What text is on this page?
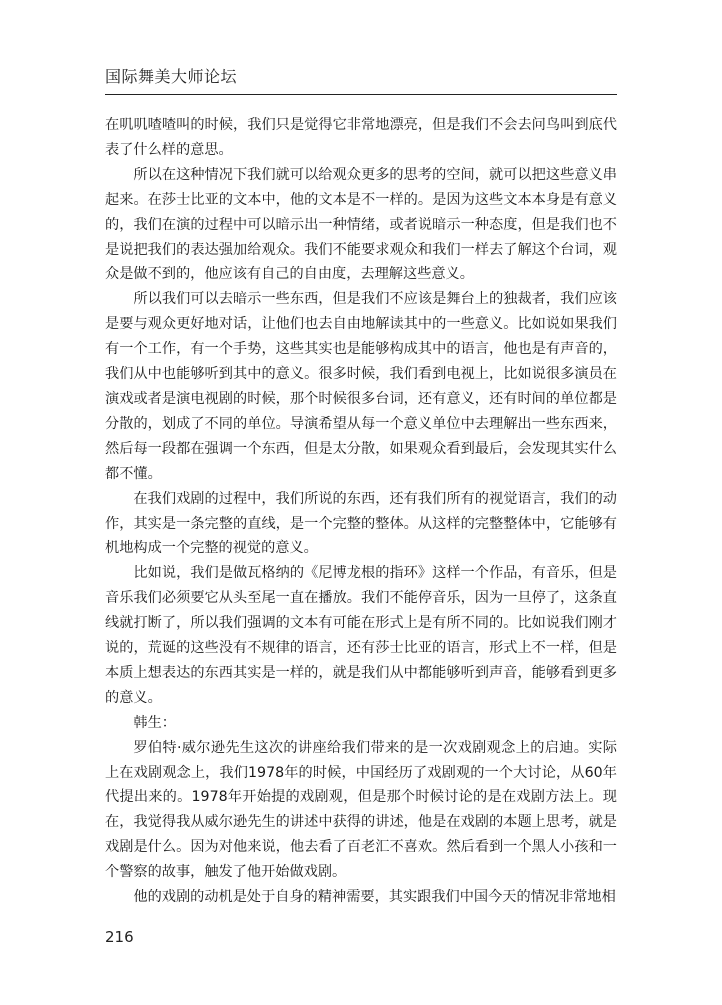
国际舞美大师论坛

在叽叽喳喳叫的时候，我们只是觉得它非常地漂亮，但是我们不会去问鸟叫到底代表了什么样的意思。

所以在这种情况下我们就可以给观众更多的思考的空间，就可以把这些意义串起来。在莎士比亚的文本中，他的文本是不一样的。是因为这些文本本身是有意义的，我们在演的过程中可以暗示出一种情绪，或者说暗示一种态度，但是我们也不是说把我们的表达强加给观众。我们不能要求观众和我们一样去了解这个台词，观众是做不到的，他应该有自己的自由度，去理解这些意义。

所以我们可以去暗示一些东西，但是我们不应该是舞台上的独裁者，我们应该是要与观众更好地对话，让他们也去自由地解读其中的一些意义。比如说如果我们有一个工作，有一个手势，这些其实也是能够构成其中的语言，他也是有声音的，我们从中也能够听到其中的意义。很多时候，我们看到电视上，比如说很多演员在演戏或者是演电视剧的时候，那个时候很多台词，还有意义，还有时间的单位都是分散的，划成了不同的单位。导演希望从每一个意义单位中去理解出一些东西来，然后每一段都在强调一个东西，但是太分散，如果观众看到最后，会发现其实什么都不懂。

在我们戏剧的过程中，我们所说的东西，还有我们所有的视觉语言，我们的动作，其实是一条完整的直线，是一个完整的整体。从这样的完整整体中，它能够有机地构成一个完整的视觉的意义。

比如说，我们是做瓦格纳的《尼博龙根的指环》这样一个作品，有音乐，但是音乐我们必须要它从头至尾一直在播放。我们不能停音乐，因为一旦停了，这条直线就打断了，所以我们强调的文本有可能在形式上是有所不同的。比如说我们刚才说的，荒诞的这些没有不规律的语言，还有莎士比亚的语言，形式上不一样，但是本质上想表达的东西其实是一样的，就是我们从中都能够听到声音，能够看到更多的意义。

韩生：

罗伯特·威尔逊先生这次的讲座给我们带来的是一次戏剧观念上的启迪。实际上在戏剧观念上，我们1978年的时候，中国经历了戏剧观的一个大讨论，从60年代提出来的。1978年开始提的戏剧观，但是那个时候讨论的是在戏剧方法上。现在，我觉得我从威尔逊先生的讲述中获得的讲述，他是在戏剧的本题上思考，就是戏剧是什么。因为对他来说，他去看了百老汇不喜欢。然后看到一个黑人小孩和一个警察的故事，触发了他开始做戏剧。

他的戏剧的动机是处于自身的精神需要，其实跟我们中国今天的情况非常地相

216
